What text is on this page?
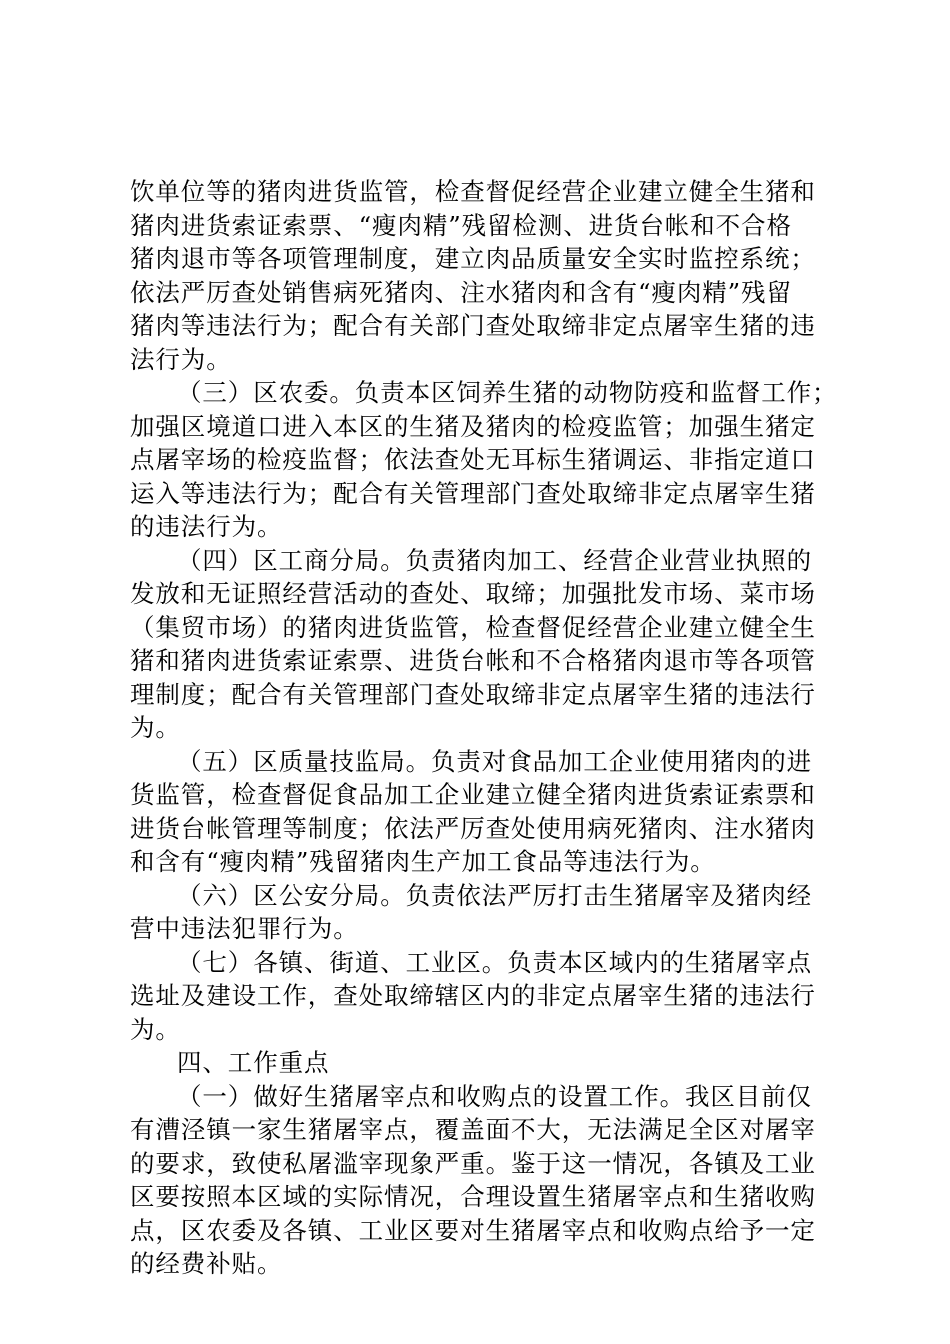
饮单位等的猪肉进货监管，检查督促经营企业建立健全生猪和
猪肉进货索证索票、“瘦肉精”残留检测、进货台帐和不合格
猪肉退市等各项管理制度，建立肉品质量安全实时监控系统；
依法严厉查处销售病死猪肉、注水猪肉和含有“瘦肉精”残留
猪肉等违法行为；配合有关部门查处取缔非定点屠宰生猪的违
法行为。
（三）区农委。负责本区饲养生猪的动物防疫和监督工作；
加强区境道口进入本区的生猪及猪肉的检疫监管；加强生猪定
点屠宰场的检疫监督；依法查处无耳标生猪调运、非指定道口
运入等违法行为；配合有关管理部门查处取缔非定点屠宰生猪
的违法行为。
（四）区工商分局。负责猪肉加工、经营企业营业执照的
发放和无证照经营活动的查处、取缔；加强批发市场、菜市场
（集贸市场）的猪肉进货监管，检查督促经营企业建立健全生
猪和猪肉进货索证索票、进货台帐和不合格猪肉退市等各项管
理制度；配合有关管理部门查处取缔非定点屠宰生猪的违法行
为。
（五）区质量技监局。负责对食品加工企业使用猪肉的进
货监管，检查督促食品加工企业建立健全猪肉进货索证索票和
进货台帐管理等制度；依法严厉查处使用病死猪肉、注水猪肉
和含有“瘦肉精”残留猪肉生产加工食品等违法行为。
（六）区公安分局。负责依法严厉打击生猪屠宰及猪肉经
营中违法犯罪行为。
（七）各镇、街道、工业区。负责本区域内的生猪屠宰点
选址及建设工作，查处取缔辖区内的非定点屠宰生猪的违法行
为。
四、工作重点
（一）做好生猪屠宰点和收购点的设置工作。我区目前仅
有漕泾镇一家生猪屠宰点，覆盖面不大，无法满足全区对屠宰
的要求，致使私屠滥宰现象严重。鉴于这一情况，各镇及工业
区要按照本区域的实际情况，合理设置生猪屠宰点和生猪收购
点，区农委及各镇、工业区要对生猪屠宰点和收购点给予一定
的经费补贴。
